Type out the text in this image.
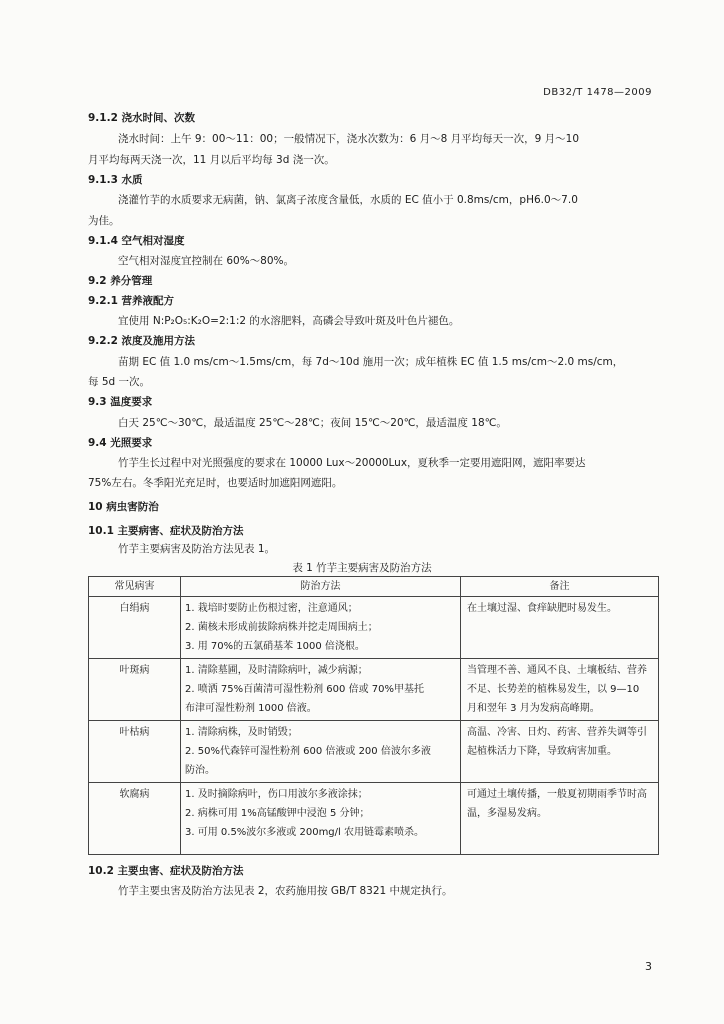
DB32/T 1478—2009
9.1.2 浇水时间、次数
浇水时间：上午 9：00～11：00；一般情况下，浇水次数为：6 月～8 月平均每天一次，9 月～10
月平均每两天浇一次，11 月以后平均每 3d 浇一次。
9.1.3 水质
浇灌竹芋的水质要求无病菌，钠、氯离子浓度含量低，水质的 EC 值小于 0.8ms/cm，pH6.0～7.0
为佳。
9.1.4 空气相对湿度
空气相对湿度宜控制在 60%～80%。
9.2 养分管理
9.2.1 营养液配方
宜使用 N:P₂O₅:K₂O=2:1:2 的水溶肥料，高磷会导致叶斑及叶色片褪色。
9.2.2 浓度及施用方法
苗期 EC 值 1.0 ms/cm～1.5ms/cm，每 7d～10d 施用一次；成年植株 EC 值 1.5 ms/cm～2.0 ms/cm，
每 5d 一次。
9.3 温度要求
白天 25℃～30℃，最适温度 25℃～28℃；夜间 15℃～20℃，最适温度 18℃。
9.4 光照要求
竹芋生长过程中对光照强度的要求在 10000 Lux～20000Lux，夏秋季一定要用遮阳网，遮阳率要达
75%左右。冬季阳光充足时，也要适时加遮阳网遮阳。
10 病虫害防治
10.1 主要病害、症状及防治方法
竹芋主要病害及防治方法见表 1。
表 1 竹芋主要病害及防治方法
常见病害	防治方法	备注
白绢病	1. 栽培时要防止伤根过密，注意通风；
2. 菌核未形成前拔除病株并挖走周围病土；
3. 用 70%的五氯硝基苯 1000 倍浇根。	在土壤过湿、食痒缺肥时易发生。
叶斑病	1. 清除墓圃，及时清除病叶，减少病源；
2. 喷洒 75%百菌清可湿性粉剂 600 倍或 70%甲基托
布津可湿性粉剂 1000 倍液。	当管理不善、通风不良、土壤板结、营养不足、长势差的植株易发生，以 9—10 月和翌年 3 月为发病高峰期。
叶枯病	1. 清除病株，及时销毁；
2. 50%代森锌可湿性粉剂 600 倍液或 200 倍波尔多液
防治。	高温、冷害、日灼、药害、营养失调等引起植株活力下降，导致病害加重。
软腐病	1. 及时摘除病叶，伤口用波尔多液涂抹；
2. 病株可用 1%高锰酸钾中浸泡 5 分钟；
3. 可用 0.5%波尔多液或 200mg/l 农用链霉素喷杀。	可通过土壤传播，一般夏初期雨季节时高温，多湿易发病。
10.2 主要虫害、症状及防治方法
竹芋主要虫害及防治方法见表 2，农药施用按 GB/T 8321 中规定执行。
3
